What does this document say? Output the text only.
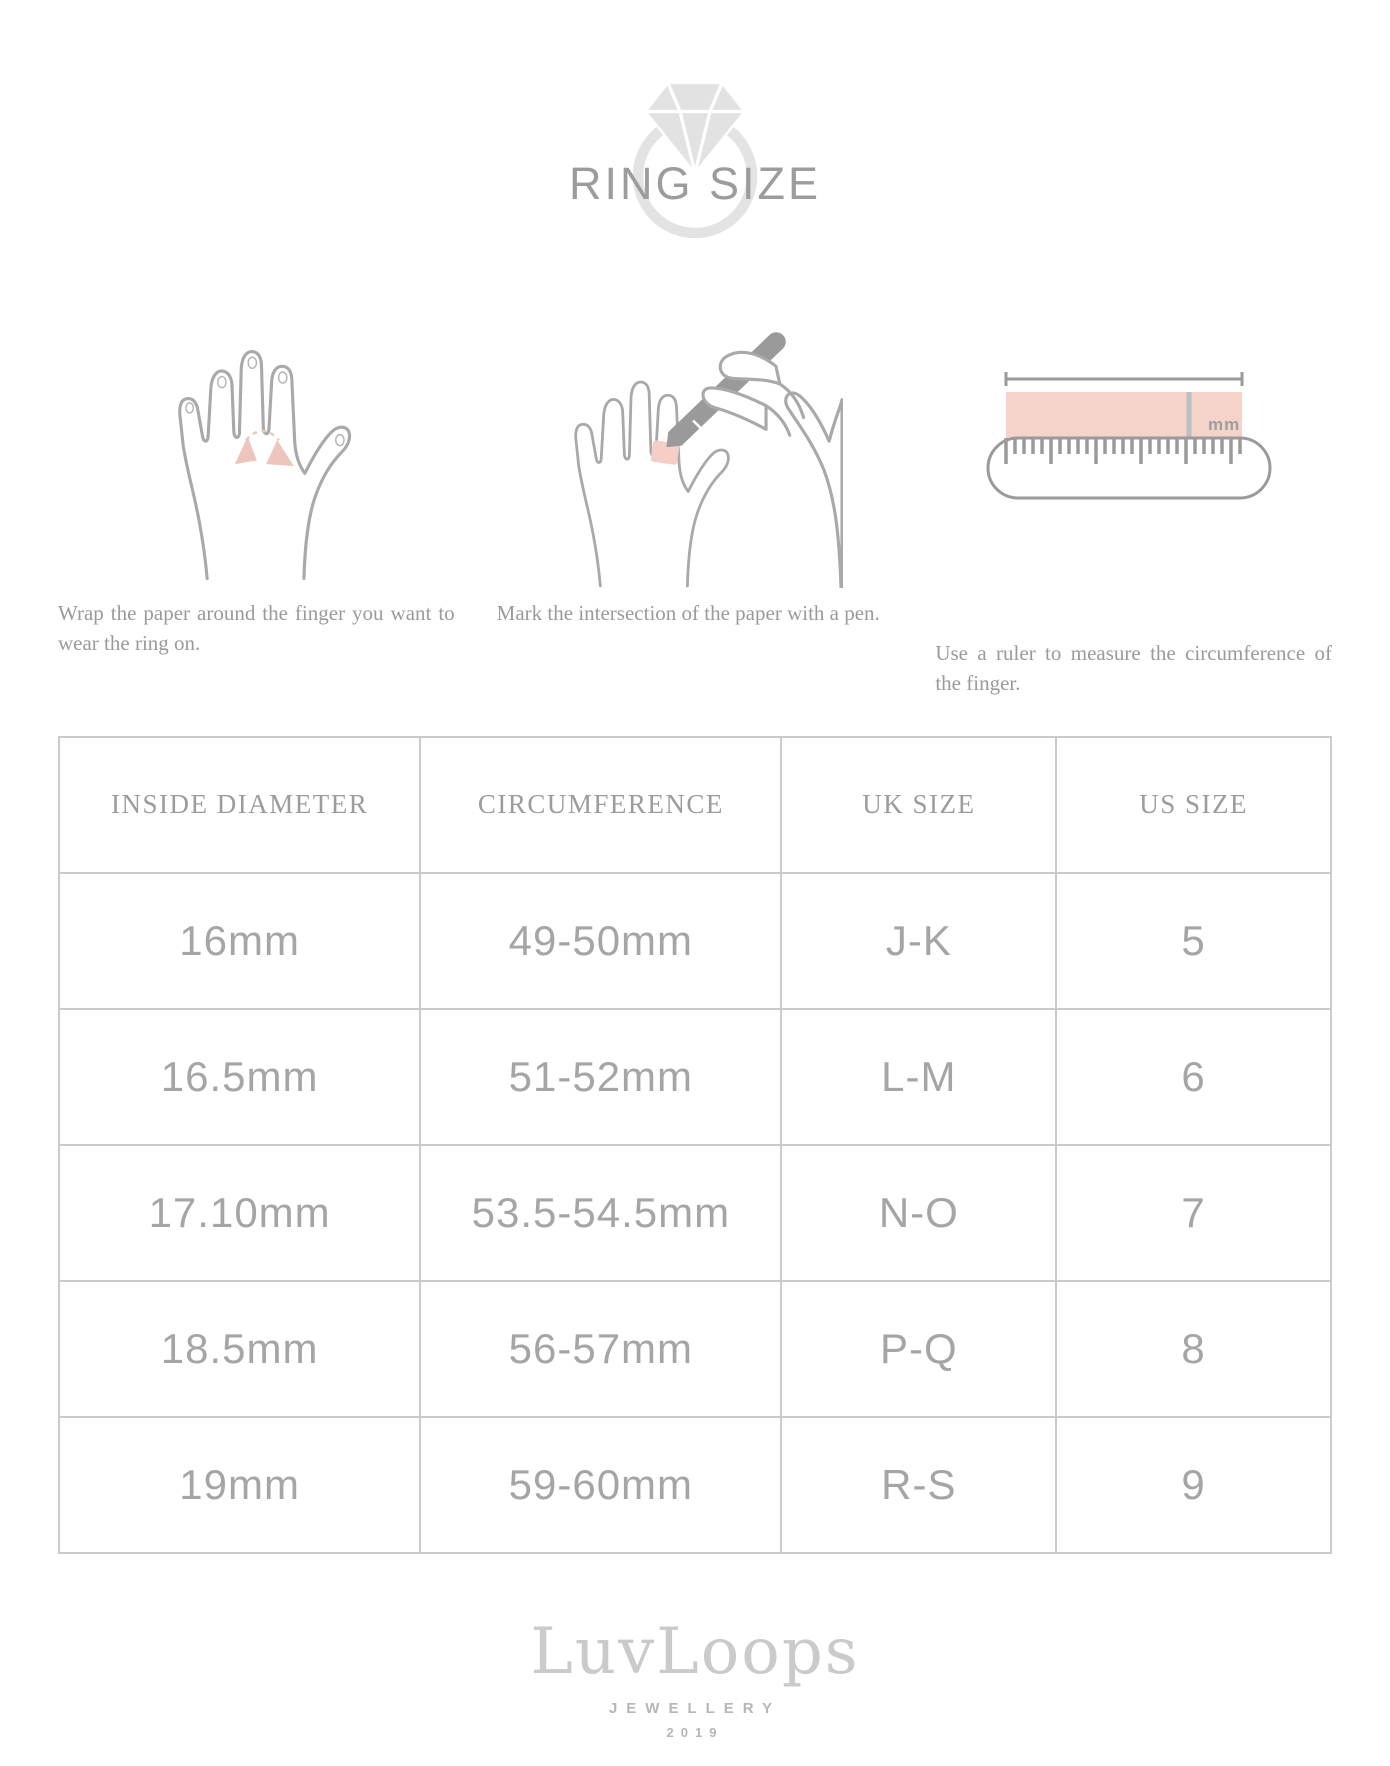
RING SIZE

Wrap the paper around the finger you want to wear the ring on.

Mark the intersection of the paper with a pen.

mm

Use a ruler to measure the circumference of the finger.

INSIDE DIAMETER	CIRCUMFERENCE	UK SIZE	US SIZE
16mm	49-50mm	J-K	5
16.5mm	51-52mm	L-M	6
17.10mm	53.5-54.5mm	N-O	7
18.5mm	56-57mm	P-Q	8
19mm	59-60mm	R-S	9
LuvLoops
JEWELLERY
2019
